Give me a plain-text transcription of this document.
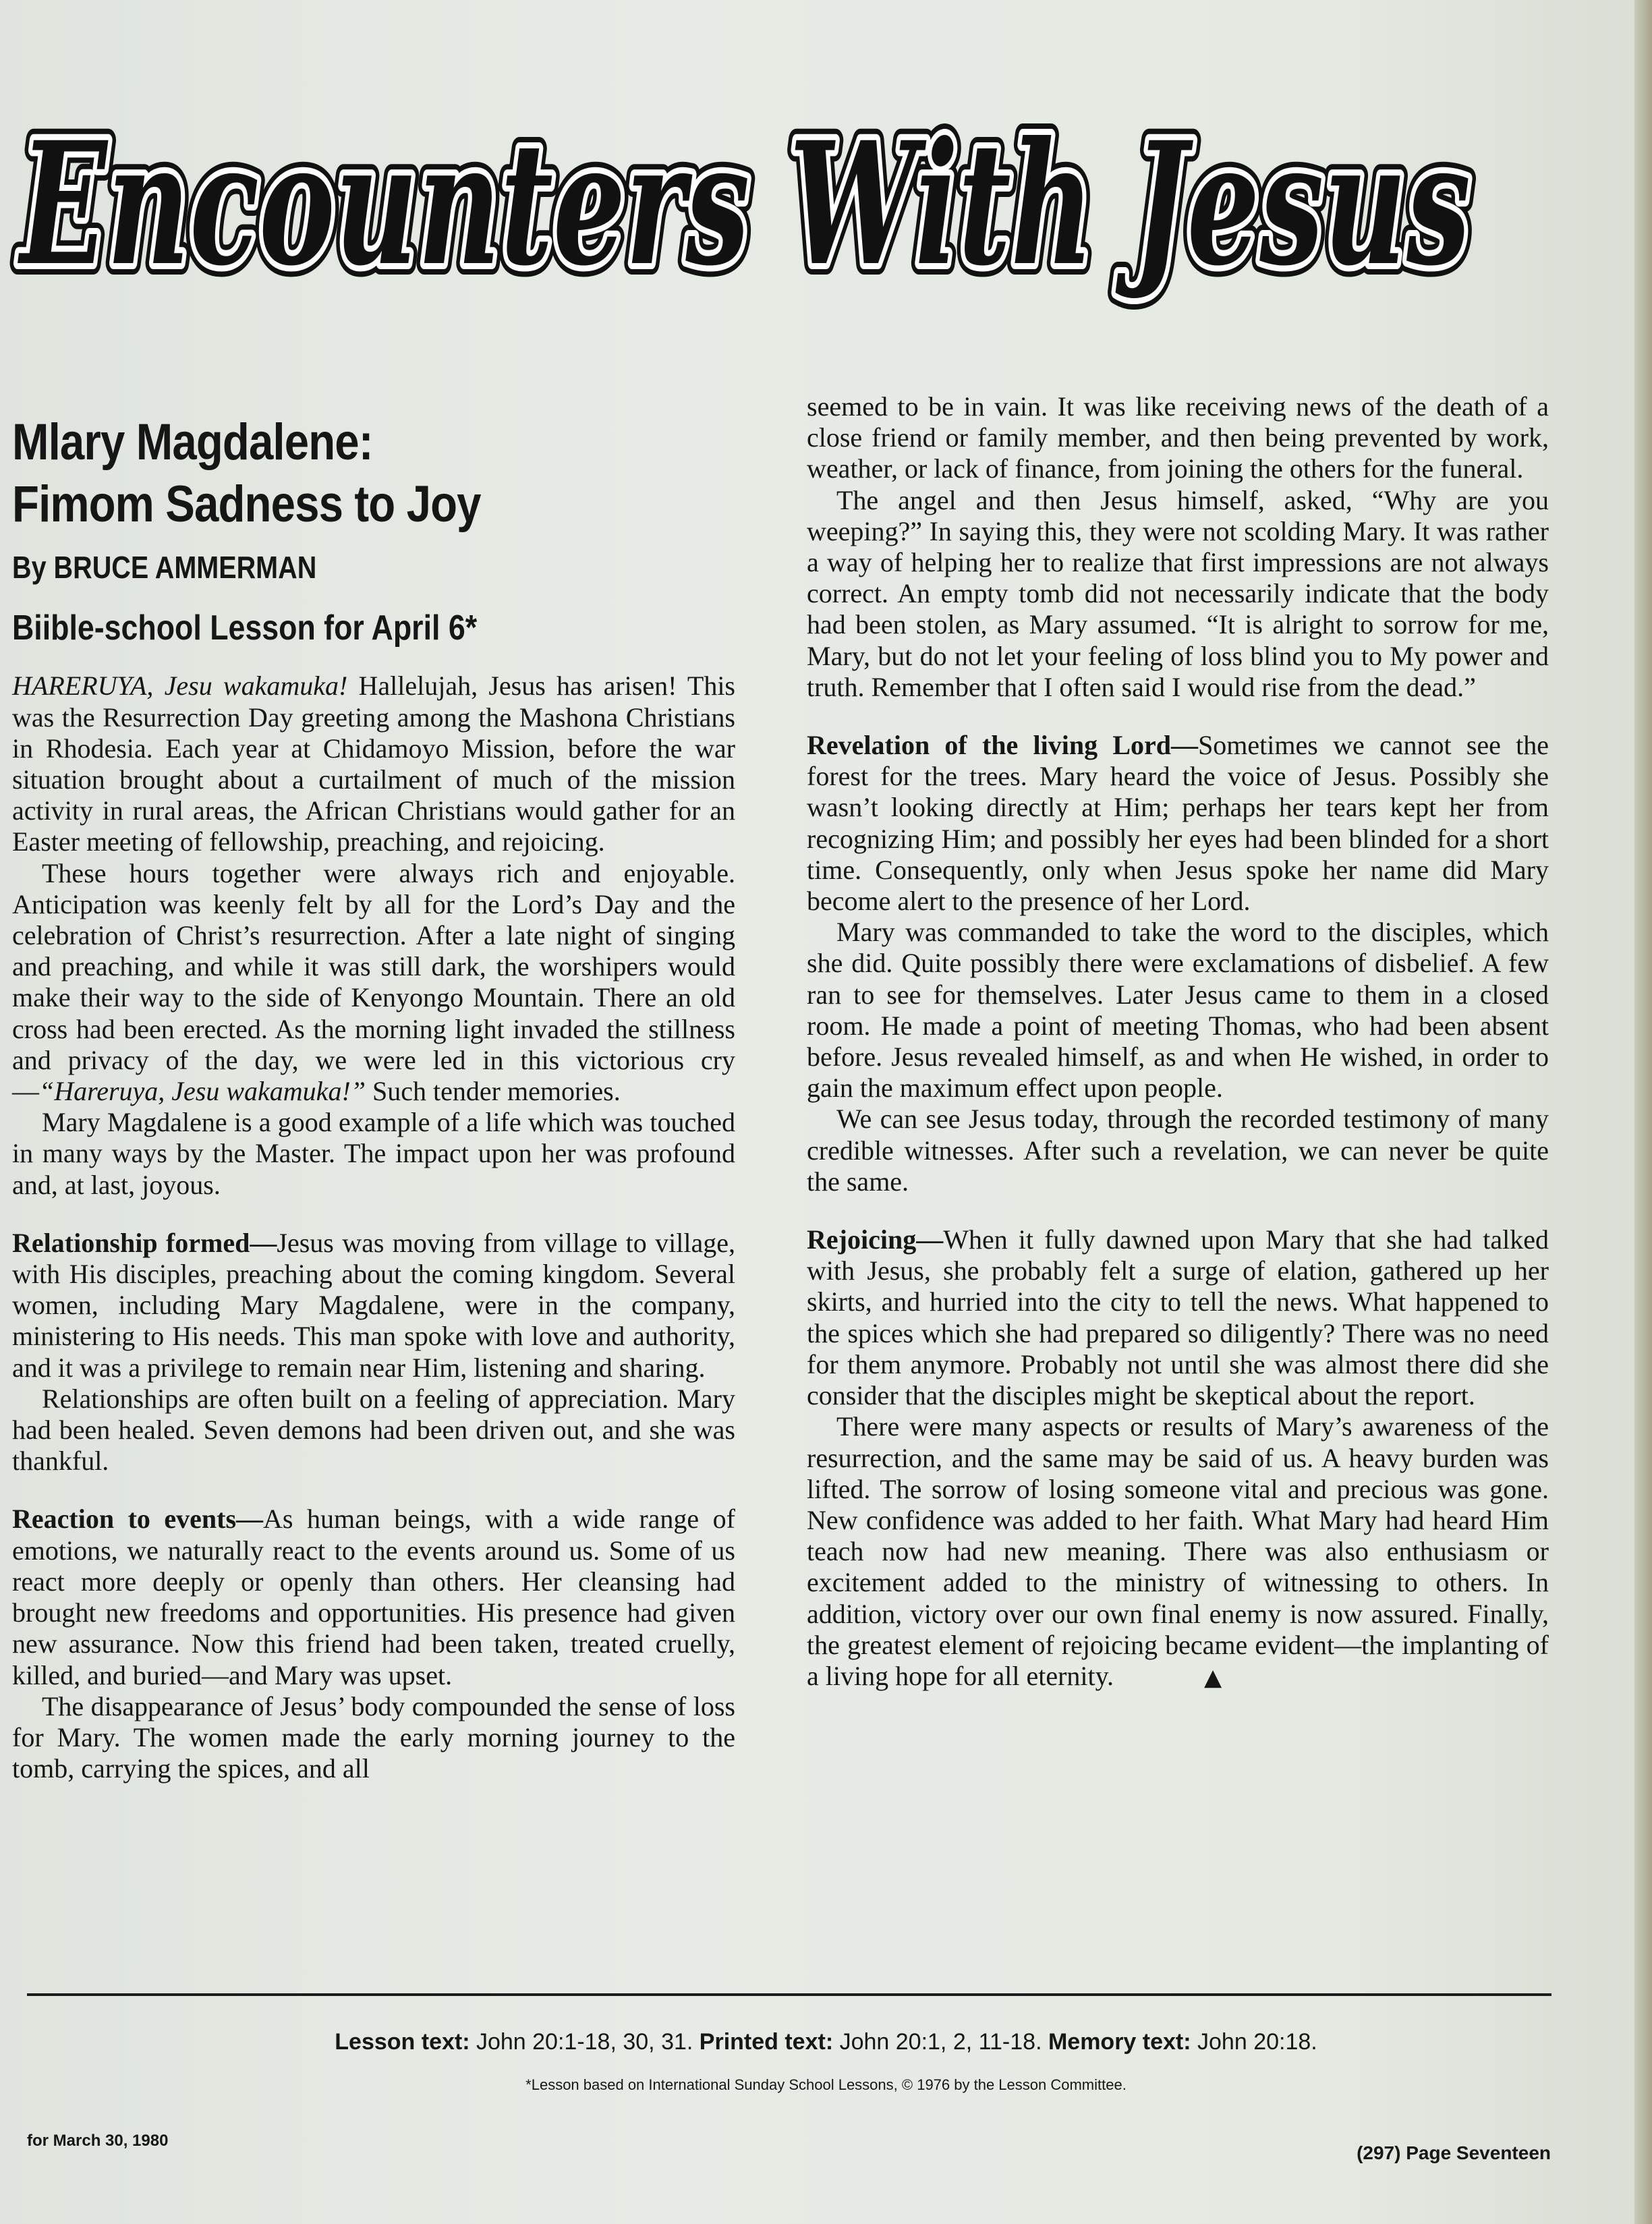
Encounters With Jesus
Encounters With Jesus
Encounters With Jesus
Mlary Magdalene:
Fimom Sadness to Joy
By BRUCE AMMERMAN
Biible-school Lesson for April 6*

HARERUYA, Jesu wakamuka! Hallelujah, Jesus has arisen! This was the Resurrection Day greeting among the Mashona Christians in Rhodesia. Each year at Chidamoyo Mission, before the war situation brought about a curtailment of much of the mission activity in rural areas, the African Christians would gather for an Easter meeting of fellowship, preaching, and rejoicing.

These hours together were always rich and enjoyable. Anticipation was keenly felt by all for the Lord’s Day and the celebration of Christ’s resurrection. After a late night of singing and preaching, and while it was still dark, the worshipers would make their way to the side of Kenyongo Mountain. There an old cross had been erected. As the morning light invaded the stillness and privacy of the day, we were led in this victorious cry—“Hareruya, Jesu wakamuka!” Such tender memories.

Mary Magdalene is a good example of a life which was touched in many ways by the Master. The impact upon her was profound and, at last, joyous.

Relationship formed—Jesus was moving from village to village, with His disciples, preaching about the coming kingdom. Several women, including Mary Magdalene, were in the company, ministering to His needs. This man spoke with love and authority, and it was a privilege to remain near Him, listening and sharing.

Relationships are often built on a feeling of appreciation. Mary had been healed. Seven demons had been driven out, and she was thankful.

Reaction to events—As human beings, with a wide range of emotions, we naturally react to the events around us. Some of us react more deeply or openly than others. Her cleansing had brought new freedoms and opportunities. His presence had given new assurance. Now this friend had been taken, treated cruelly, killed, and buried—and Mary was upset.

The disappearance of Jesus’ body compounded the sense of loss for Mary. The women made the early morning journey to the tomb, carrying the spices, and all

seemed to be in vain. It was like receiving news of the death of a close friend or family member, and then being prevented by work, weather, or lack of finance, from joining the others for the funeral.

The angel and then Jesus himself, asked, “Why are you weeping?” In saying this, they were not scolding Mary. It was rather a way of helping her to realize that first impressions are not always correct. An empty tomb did not necessarily indicate that the body had been stolen, as Mary assumed. “It is alright to sorrow for me, Mary, but do not let your feeling of loss blind you to My power and truth. Remember that I often said I would rise from the dead.”

Revelation of the living Lord—Sometimes we cannot see the forest for the trees. Mary heard the voice of Jesus. Possibly she wasn’t looking directly at Him; perhaps her tears kept her from recognizing Him; and possibly her eyes had been blinded for a short time. Consequently, only when Jesus spoke her name did Mary become alert to the presence of her Lord.

Mary was commanded to take the word to the disciples, which she did. Quite possibly there were exclamations of disbelief. A few ran to see for themselves. Later Jesus came to them in a closed room. He made a point of meeting Thomas, who had been absent before. Jesus revealed himself, as and when He wished, in order to gain the maximum effect upon people.

We can see Jesus today, through the recorded testimony of many credible witnesses. After such a revelation, we can never be quite the same.

Rejoicing—When it fully dawned upon Mary that she had talked with Jesus, she probably felt a surge of elation, gathered up her skirts, and hurried into the city to tell the news. What happened to the spices which she had prepared so diligently? There was no need for them anymore. Probably not until she was almost there did she consider that the disciples might be skeptical about the report.

There were many aspects or results of Mary’s awareness of the resurrection, and the same may be said of us. A heavy burden was lifted. The sorrow of losing someone vital and precious was gone. New confidence was added to her faith. What Mary had heard Him teach now had new meaning. There was also enthusiasm or excitement added to the ministry of witnessing to others. In addition, victory over our own final enemy is now assured. Finally, the greatest element of rejoicing became evident—the implanting of a living hope for all eternity.	▲

Lesson text: John 20:1-18, 30, 31. Printed text: John 20:1, 2, 11-18. Memory text: John 20:18.
*Lesson based on International Sunday School Lessons, © 1976 by the Lesson Committee.
for March 30, 1980
(297) Page Seventeen
